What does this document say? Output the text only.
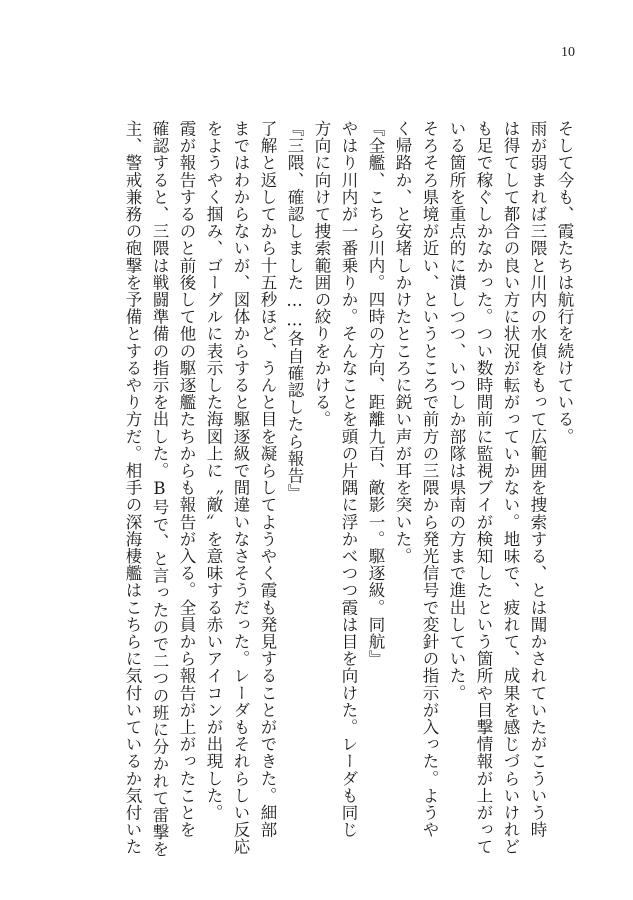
10

そして今も、霞たちは航行を続けている。

雨が弱まれば三隈と川内の水偵をもって広範囲を捜索する、とは聞かされていたがこういう時

は得てして都合の良い方に状況が転がっていかない。地味で、疲れて、成果を感じづらいけれど

も足で稼ぐしかなかった。つい数時間前に監視ブイが検知したという箇所や目撃情報が上がって

いる箇所を重点的に潰しつつ、いつしか部隊は県南の方まで進出していた。

そろそろ県境が近い、というところで前方の三隈から発光信号で変針の指示が入った。ようや

く帰路か、と安堵しかけたところに鋭い声が耳を突いた。

『全艦、こちら川内。四時の方向、距離九百、敵影一。駆逐級。同航』

やはり川内が一番乗りか。そんなことを頭の片隅に浮かべつつ霞は目を向けた。レーダも同じ

方向に向けて捜索範囲の絞りをかける。

『三隈、確認しました……各自確認したら報告』

了解と返してから十五秒ほど、うんと目を凝らしてようやく霞も発見することができた。細部

まではわからないが、図体からすると駆逐級で間違いなさそうだった。レーダもそれらしい反応

をようやく掴み、ゴーグルに表示した海図上に〝敵〟を意味する赤いアイコンが出現した。

霞が報告するのと前後して他の駆逐艦たちからも報告が入る。全員から報告が上がったことを

確認すると、三隈は戦闘準備の指示を出した。B号で、と言ったので二つの班に分かれて雷撃を

主、警戒兼務の砲撃を予備とするやり方だ。相手の深海棲艦はこちらに気付いているか気付いた
